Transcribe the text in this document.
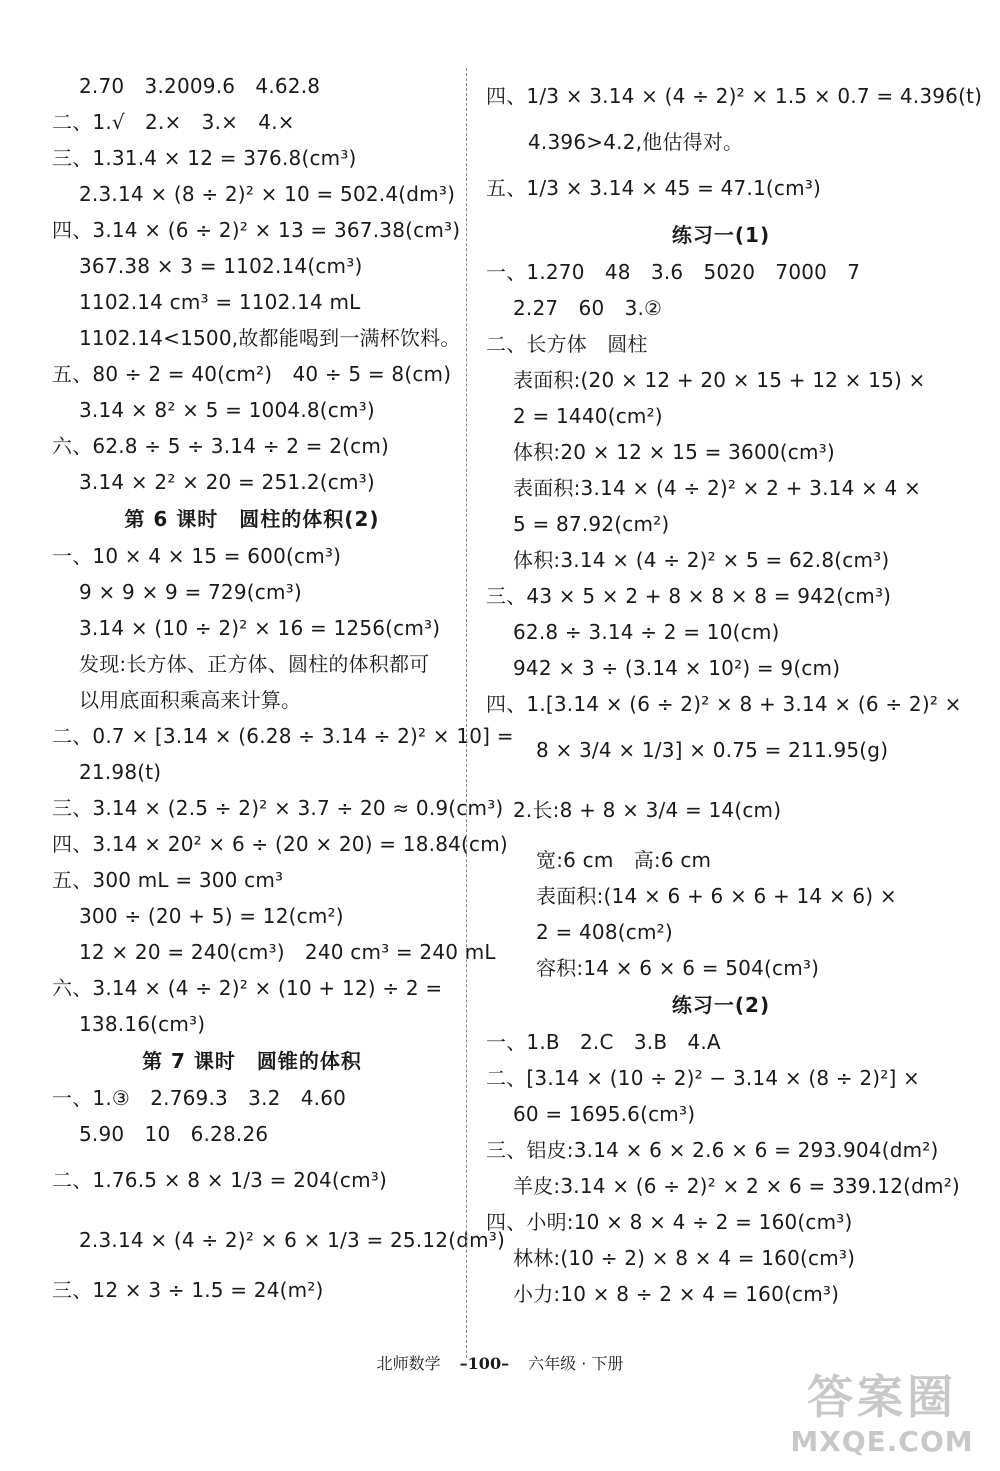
2.70　3.2009.6　4.62.8
二、1.√　2.×　3.×　4.×
三、1.31.4 × 12 = 376.8(cm³)
2.3.14 × (8 ÷ 2)² × 10 = 502.4(dm³)
四、3.14 × (6 ÷ 2)² × 13 = 367.38(cm³)
367.38 × 3 = 1102.14(cm³)
1102.14 cm³ = 1102.14 mL
1102.14<1500,故都能喝到一满杯饮料。
五、80 ÷ 2 = 40(cm²)　40 ÷ 5 = 8(cm)
3.14 × 8² × 5 = 1004.8(cm³)
六、62.8 ÷ 5 ÷ 3.14 ÷ 2 = 2(cm)
3.14 × 2² × 20 = 251.2(cm³)
第 6 课时　圆柱的体积(2)
一、10 × 4 × 15 = 600(cm³)
9 × 9 × 9 = 729(cm³)
3.14 × (10 ÷ 2)² × 16 = 1256(cm³)
发现:长方体、正方体、圆柱的体积都可
以用底面积乘高来计算。
二、0.7 × [3.14 × (6.28 ÷ 3.14 ÷ 2)² × 10] =
21.98(t)
三、3.14 × (2.5 ÷ 2)² × 3.7 ÷ 20 ≈ 0.9(cm³)
四、3.14 × 20² × 6 ÷ (20 × 20) = 18.84(cm)
五、300 mL = 300 cm³
300 ÷ (20 + 5) = 12(cm²)
12 × 20 = 240(cm³)　240 cm³ = 240 mL
六、3.14 × (4 ÷ 2)² × (10 + 12) ÷ 2 =
138.16(cm³)
第 7 课时　圆锥的体积
一、1.③　2.769.3　3.2　4.60
5.90　10　6.28.26
二、1.76.5 × 8 × 1/3 = 204(cm³)
2.3.14 × (4 ÷ 2)² × 6 × 1/3 = 25.12(dm³)
三、12 × 3 ÷ 1.5 = 24(m²)
四、1/3 × 3.14 × (4 ÷ 2)² × 1.5 × 0.7 = 4.396(t)
4.396>4.2,他估得对。
五、1/3 × 3.14 × 45 = 47.1(cm³)
练习一(1)
一、1.270　48　3.6　5020　7000　7
2.27　60　3.②
二、长方体　圆柱
表面积:(20 × 12 + 20 × 15 + 12 × 15) ×
2 = 1440(cm²)
体积:20 × 12 × 15 = 3600(cm³)
表面积:3.14 × (4 ÷ 2)² × 2 + 3.14 × 4 ×
5 = 87.92(cm²)
体积:3.14 × (4 ÷ 2)² × 5 = 62.8(cm³)
三、43 × 5 × 2 + 8 × 8 × 8 = 942(cm³)
62.8 ÷ 3.14 ÷ 2 = 10(cm)
942 × 3 ÷ (3.14 × 10²) = 9(cm)
四、1.[3.14 × (6 ÷ 2)² × 8 + 3.14 × (6 ÷ 2)² ×
8 × 3/4 × 1/3] × 0.75 = 211.95(g)
2.长:8 + 8 × 3/4 = 14(cm)
宽:6 cm　高:6 cm
表面积:(14 × 6 + 6 × 6 + 14 × 6) ×
2 = 408(cm²)
容积:14 × 6 × 6 = 504(cm³)
练习一(2)
一、1.B　2.C　3.B　4.A
二、[3.14 × (10 ÷ 2)² − 3.14 × (8 ÷ 2)²] ×
60 = 1695.6(cm³)
三、铝皮:3.14 × 6 × 2.6 × 6 = 293.904(dm²)
羊皮:3.14 × (6 ÷ 2)² × 2 × 6 = 339.12(dm²)
四、小明:10 × 8 × 4 ÷ 2 = 160(cm³)
林林:(10 ÷ 2) × 8 × 4 = 160(cm³)
小力:10 × 8 ÷ 2 × 4 = 160(cm³)
北师数学 –100– 六年级 · 下册
答案圈
MXQE.COM
